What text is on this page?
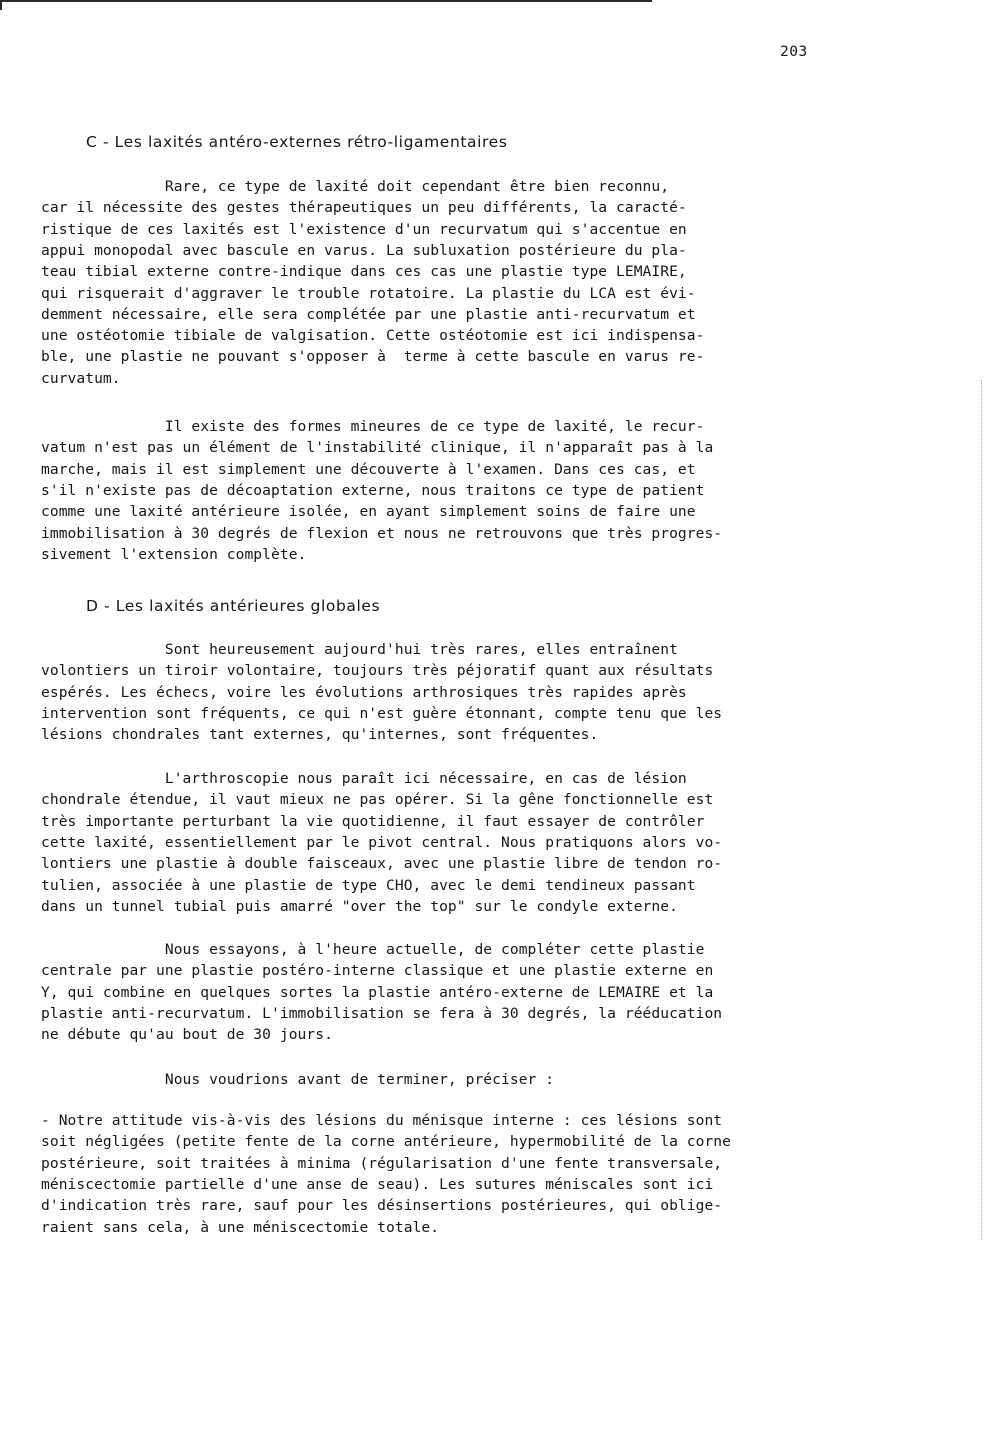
203
C - Les laxités antéro-externes rétro-ligamentaires
Rare, ce type de laxité doit cependant être bien reconnu,
car il nécessite des gestes thérapeutiques un peu différents, la caracté-
ristique de ces laxités est l'existence d'un recurvatum qui s'accentue en
appui monopodal avec bascule en varus. La subluxation postérieure du pla-
teau tibial externe contre-indique dans ces cas une plastie type LEMAIRE,
qui risquerait d'aggraver le trouble rotatoire. La plastie du LCA est évi-
demment nécessaire, elle sera complétée par une plastie anti-recurvatum et
une ostéotomie tibiale de valgisation. Cette ostéotomie est ici indispensa-
ble, une plastie ne pouvant s'opposer à  terme à cette bascule en varus re-
curvatum.
Il existe des formes mineures de ce type de laxité, le recur-
vatum n'est pas un élément de l'instabilité clinique, il n'apparaît pas à la
marche, mais il est simplement une découverte à l'examen. Dans ces cas, et
s'il n'existe pas de décoaptation externe, nous traitons ce type de patient
comme une laxité antérieure isolée, en ayant simplement soins de faire une
immobilisation à 30 degrés de flexion et nous ne retrouvons que très progres-
sivement l'extension complète.
D - Les laxités antérieures globales
Sont heureusement aujourd'hui très rares, elles entraînent
volontiers un tiroir volontaire, toujours très péjoratif quant aux résultats
espérés. Les échecs, voire les évolutions arthrosiques très rapides après
intervention sont fréquents, ce qui n'est guère étonnant, compte tenu que les
lésions chondrales tant externes, qu'internes, sont fréquentes.
L'arthroscopie nous paraît ici nécessaire, en cas de lésion
chondrale étendue, il vaut mieux ne pas opérer. Si la gêne fonctionnelle est
très importante perturbant la vie quotidienne, il faut essayer de contrôler
cette laxité, essentiellement par le pivot central. Nous pratiquons alors vo-
lontiers une plastie à double faisceaux, avec une plastie libre de tendon ro-
tulien, associée à une plastie de type CHO, avec le demi tendineux passant
dans un tunnel tubial puis amarré "over the top" sur le condyle externe.
Nous essayons, à l'heure actuelle, de compléter cette plastie
centrale par une plastie postéro-interne classique et une plastie externe en
Y, qui combine en quelques sortes la plastie antéro-externe de LEMAIRE et la
plastie anti-recurvatum. L'immobilisation se fera à 30 degrés, la rééducation
ne débute qu'au bout de 30 jours.
Nous voudrions avant de terminer, préciser :
- Notre attitude vis-à-vis des lésions du ménisque interne : ces lésions sont
soit négligées (petite fente de la corne antérieure, hypermobilité de la corne
postérieure, soit traitées à minima (régularisation d'une fente transversale,
méniscectomie partielle d'une anse de seau). Les sutures méniscales sont ici
d'indication très rare, sauf pour les désinsertions postérieures, qui oblige-
raient sans cela, à une méniscectomie totale.
